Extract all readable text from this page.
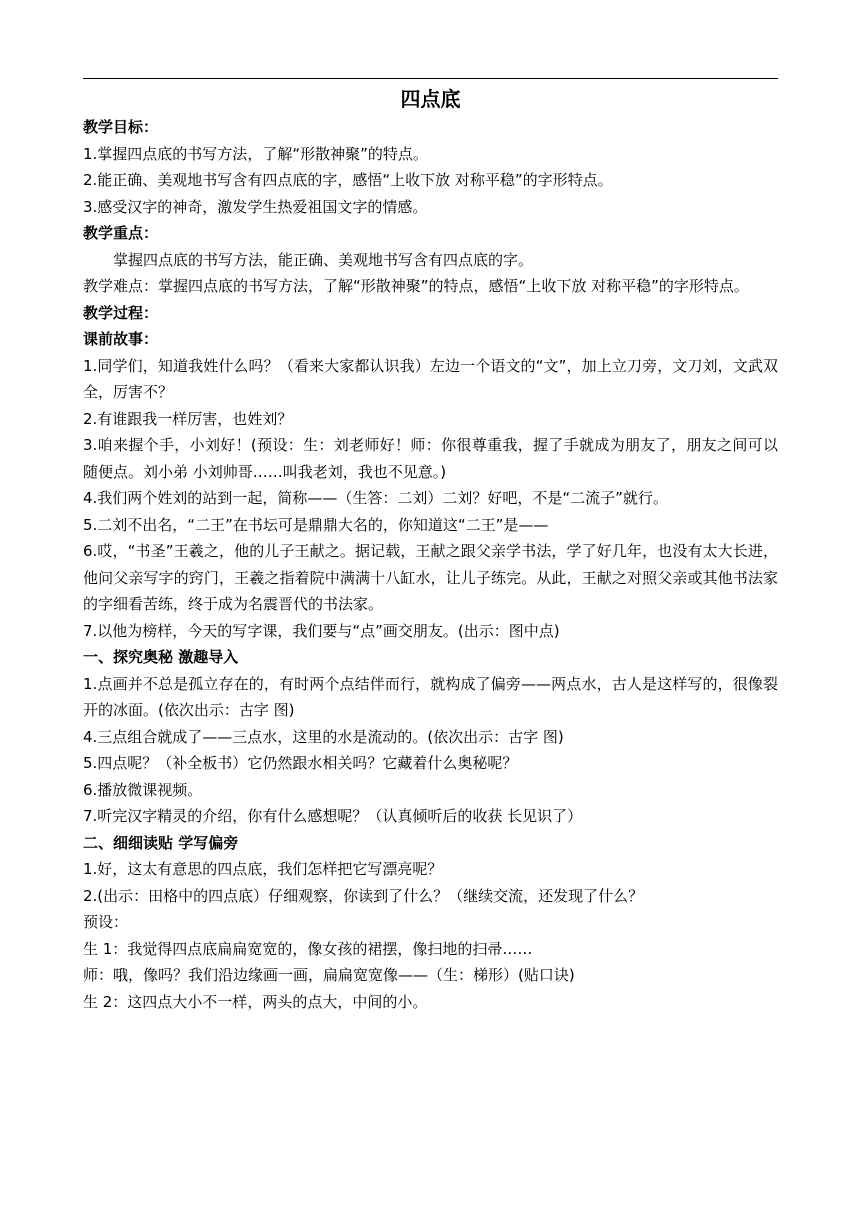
四点底

教学目标：

1.掌握四点底的书写方法，了解“形散神聚”的特点。

2.能正确、美观地书写含有四点底的字，感悟“上收下放 对称平稳”的字形特点。

3.感受汉字的神奇，激发学生热爱祖国文字的情感。

教学重点：

掌握四点底的书写方法，能正确、美观地书写含有四点底的字。

教学难点：掌握四点底的书写方法，了解“形散神聚”的特点，感悟“上收下放 对称平稳”的字形特点。

教学过程：

课前故事：

1.同学们，知道我姓什么吗？（看来大家都认识我）左边一个语文的“文”，加上立刀旁，文刀刘，文武双全，厉害不？

2.有谁跟我一样厉害，也姓刘？

3.咱来握个手，小刘好！(预设：生：刘老师好！师：你很尊重我，握了手就成为朋友了，朋友之间可以随便点。刘小弟 小刘帅哥……叫我老刘，我也不见意。)

4.我们两个姓刘的站到一起，简称——（生答：二刘）二刘？好吧，不是“二流子”就行。

5.二刘不出名，“二王”在书坛可是鼎鼎大名的，你知道这“二王”是——

6.哎，“书圣”王羲之，他的儿子王献之。据记载，王献之跟父亲学书法，学了好几年，也没有太大长进，他问父亲写字的窍门，王羲之指着院中满满十八缸水，让儿子练完。从此，王献之对照父亲或其他书法家的字细看苦练，终于成为名震晋代的书法家。

7.以他为榜样，今天的写字课，我们要与“点”画交朋友。(出示：图中点)

一、探究奥秘 激趣导入

1.点画并不总是孤立存在的，有时两个点结伴而行，就构成了偏旁——两点水，古人是这样写的，很像裂开的冰面。(依次出示：古字 图)

4.三点组合就成了——三点水，这里的水是流动的。(依次出示：古字 图)

5.四点呢？（补全板书）它仍然跟水相关吗？它藏着什么奥秘呢？

6.播放微课视频。

7.听完汉字精灵的介绍，你有什么感想呢？（认真倾听后的收获 长见识了）

二、细细读贴 学写偏旁

1.好，这太有意思的四点底，我们怎样把它写漂亮呢？

2.(出示：田格中的四点底）仔细观察，你读到了什么？（继续交流，还发现了什么？

预设：

生 1：我觉得四点底扁扁宽宽的，像女孩的裙摆，像扫地的扫帚……

师：哦，像吗？我们沿边缘画一画，扁扁宽宽像——（生：梯形）(贴口诀)

生 2：这四点大小不一样，两头的点大，中间的小。
